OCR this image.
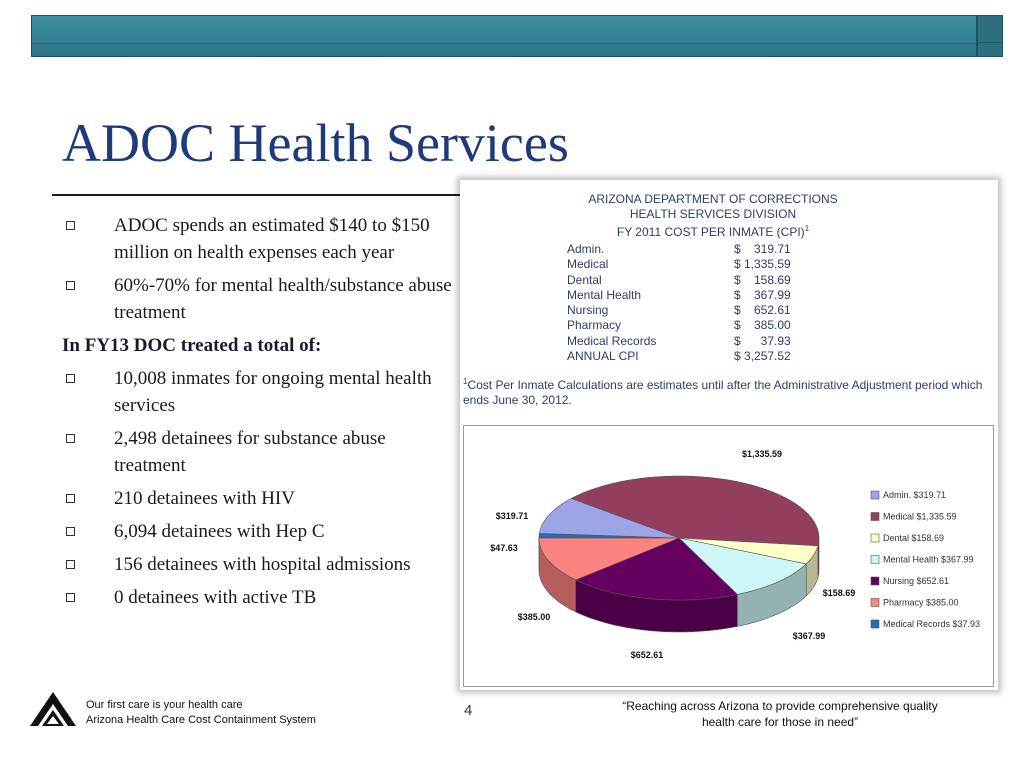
ADOC Health Services
ADOC spends an estimated $140 to $150 million on health expenses each year
60%-70% for mental health/substance abuse treatment
In FY13 DOC treated a total of:
10,008 inmates for ongoing mental health services
2,498 detainees for substance abuse treatment
210 detainees with HIV
6,094 detainees with Hep C
156 detainees with hospital admissions
0 detainees with active TB
ARIZONA DEPARTMENT OF CORRECTIONS
HEALTH SERVICES DIVISION
FY 2011 COST PER INMATE (CPI)$^1$
Admin.	$    319.71
Medical	$ 1,335.59
Dental	$    158.69
Mental Health	$    367.99
Nursing	$    652.61
Pharmacy	$    385.00
Medical Records	$      37.93
ANNUAL CPI	$ 3,257.52
$^1$Cost Per Inmate Calculations are estimates until after the Administrative Adjustment period which ends June 30, 2012.
$1,335.59
$158.69
$367.99
$652.61
$385.00
$47.63
$319.71
Admin. $319.71
Medical $1,335.59
Dental $158.69
Mental Health $367.99
Nursing $652.61
Pharmacy $385.00
Medical Records $37.93
Our first care is your health care
Arizona Health Care Cost Containment System
4	“Reaching across Arizona to provide comprehensive quality
health care for those in need”
